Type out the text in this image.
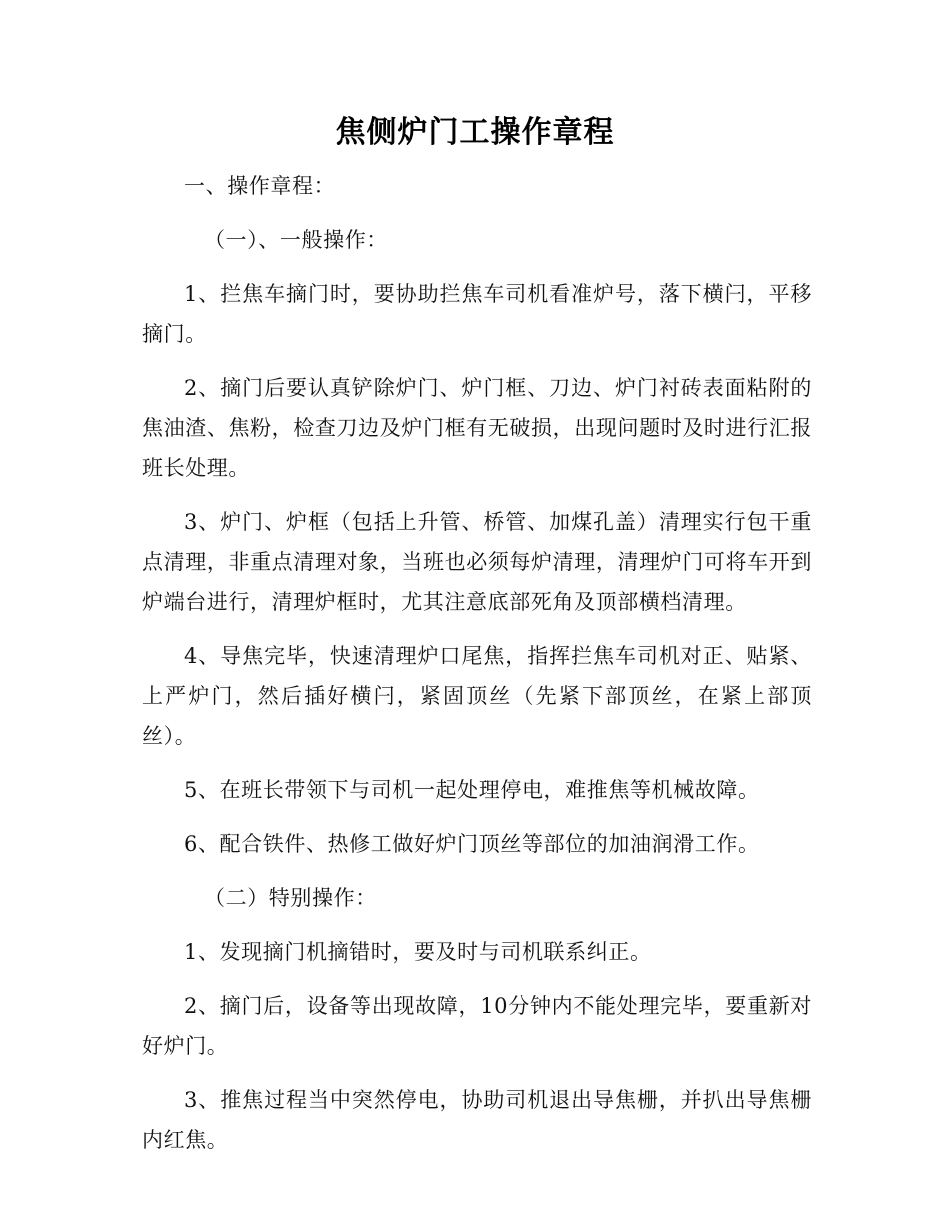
焦侧炉门工操作章程

一、操作章程：

（一）、一般操作：

1、拦焦车摘门时，要协助拦焦车司机看准炉号，落下横闩，平移摘门。

2、摘门后要认真铲除炉门、炉门框、刀边、炉门衬砖表面粘附的焦油渣、焦粉，检查刀边及炉门框有无破损，出现问题时及时进行汇报班长处理。

3、炉门、炉框（包括上升管、桥管、加煤孔盖）清理实行包干重点清理，非重点清理对象，当班也必须每炉清理，清理炉门可将车开到炉端台进行，清理炉框时，尤其注意底部死角及顶部横档清理。

4、导焦完毕，快速清理炉口尾焦，指挥拦焦车司机对正、贴紧、上严炉门，然后插好横闩，紧固顶丝（先紧下部顶丝，在紧上部顶丝）。

5、在班长带领下与司机一起处理停电，难推焦等机械故障。

6、配合铁件、热修工做好炉门顶丝等部位的加油润滑工作。

（二）特别操作：

1、发现摘门机摘错时，要及时与司机联系纠正。

2、摘门后，设备等出现故障，10分钟内不能处理完毕，要重新对好炉门。

3、推焦过程当中突然停电，协助司机退出导焦栅，并扒出导焦栅内红焦。
